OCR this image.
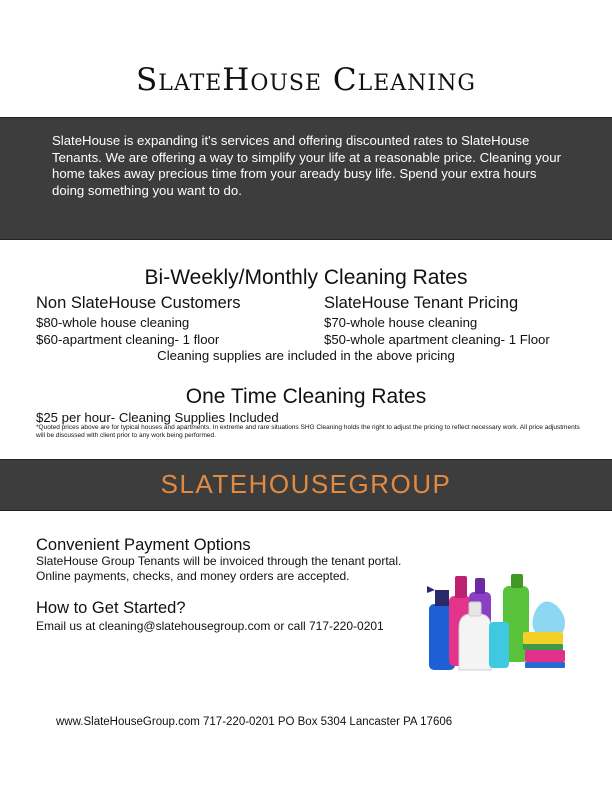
SlateHouse Cleaning

SlateHouse is expanding it's services and offering discounted rates to SlateHouse Tenants. We are offering a way to simplify your life at a reasonable price. Cleaning your home takes away precious time from your aready busy life. Spend your extra hours doing something you want to do.

Bi-Weekly/Monthly Cleaning Rates
Non SlateHouse Customers
$80-whole house cleaning
$60-apartment cleaning- 1 floor
SlateHouse Tenant Pricing
$70-whole house cleaning
$50-whole apartment cleaning- 1 Floor
Cleaning supplies are included in the above pricing
One Time Cleaning Rates
$25 per hour- Cleaning Supplies Included
*Quoted prices above are for typical houses and apartments. In extreme and rare situations SHG Cleaning holds the right to adjust the pricing to reflect necessary work. All price adjustments will be discussed with client prior to any work being performed.
SLATEHOUSEGROUP
Convenient Payment Options
SlateHouse Group Tenants will be invoiced through the tenant portal.
Online payments, checks, and money orders are accepted.
How to Get Started?
Email us at cleaning@slatehousegroup.com or call 717-220-0201
www.SlateHouseGroup.com 717-220-0201 PO Box 5304 Lancaster PA 17606
